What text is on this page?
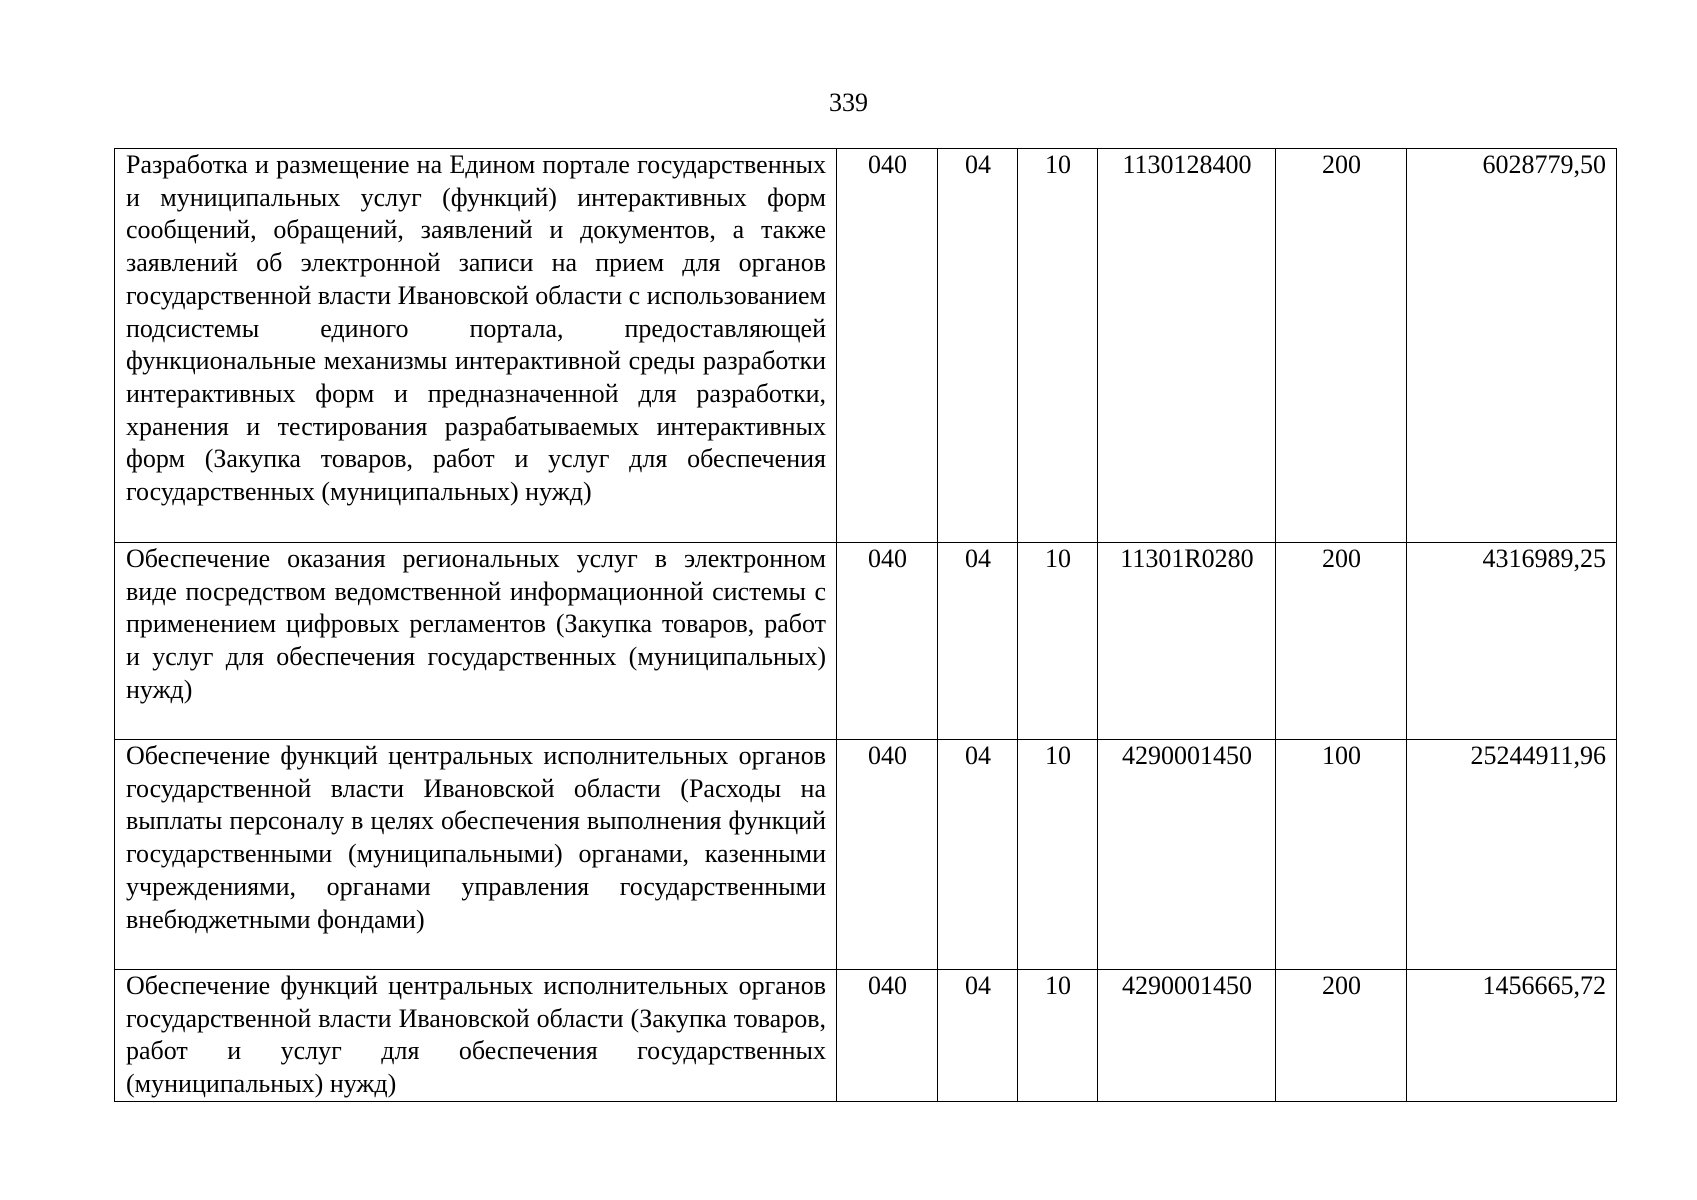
339
Разработка и размещение на Едином портале государственных и муниципальных услуг (функций) интерактивных форм сообщений, обращений, заявлений и документов, а также заявлений об электронной записи на прием для органов государственной власти Ивановской области с использованием подсистемы единого портала, предоставляющей функциональные механизмы интерактивной среды разработки интерактивных форм и предназначенной для разработки, хранения и тестирования разрабатываемых интерактивных форм (Закупка товаров, работ и услуг для обеспечения государственных (муниципальных) нужд)	040	04	10	1130128400	200	6028779,50
Обеспечение оказания региональных услуг в электронном виде посредством ведомственной информационной системы с применением цифровых регламентов (Закупка товаров, работ и услуг для обеспечения государственных (муниципальных) нужд)	040	04	10	11301R0280	200	4316989,25
Обеспечение функций центральных исполнительных органов государственной власти Ивановской области (Расходы на выплаты персоналу в целях обеспечения выполнения функций государственными (муниципальными) органами, казенными учреждениями, органами управления государственными внебюджетными фондами)	040	04	10	4290001450	100	25244911,96
Обеспечение функций центральных исполнительных органов государственной власти Ивановской области (Закупка товаров, работ и услуг для обеспечения государственных (муниципальных) нужд)	040	04	10	4290001450	200	1456665,72
